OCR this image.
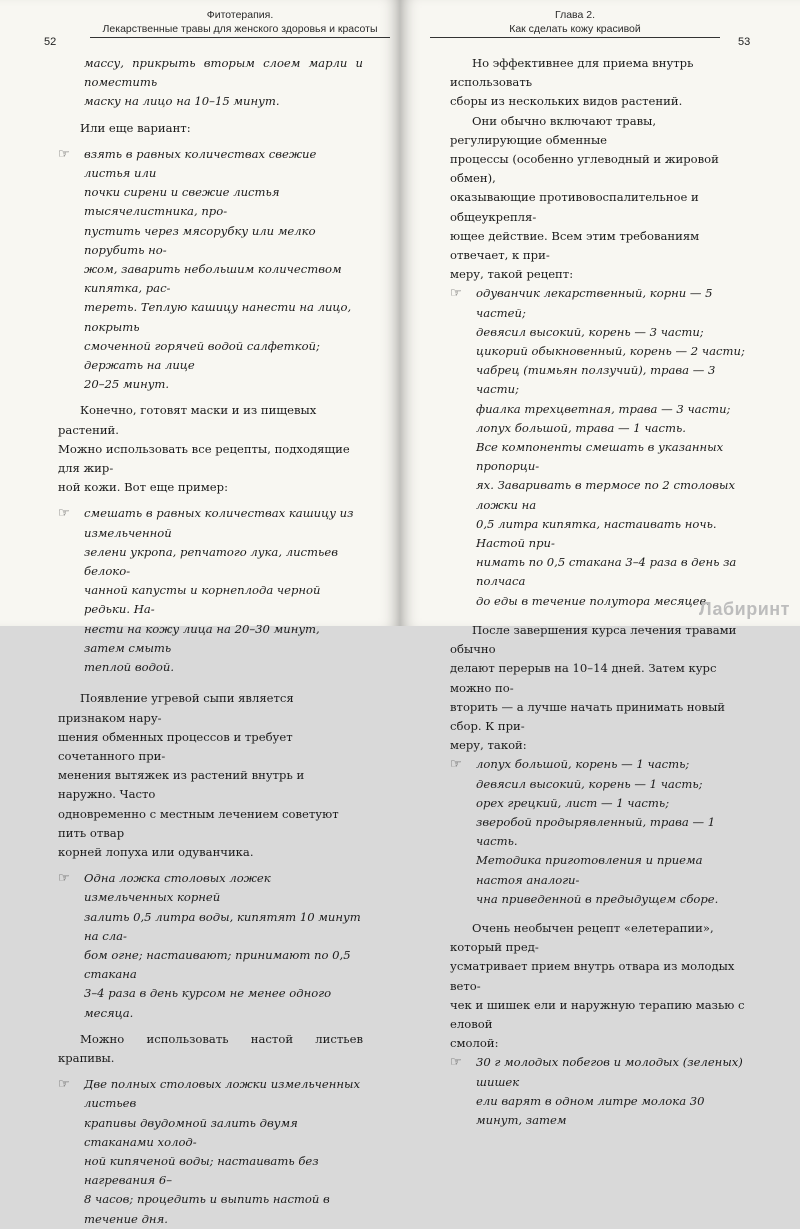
Фитотерапия.
Лекарственные травы для женского здоровья и красоты
52

массу, прикрыть вторым слоем марли и поместить
маску на лицо на 10–15 минут.

Или еще вариант:

☞ взять в равных количествах свежие листья или
почки сирени и свежие листья тысячелистника, про-
пустить через мясорубку или мелко порубить но-
жом, заварить небольшим количеством кипятка, рас-
тереть. Теплую кашицу нанести на лицо, покрыть
смоченной горячей водой салфеткой; держать на лице
20–25 минут.
Конечно, готовят маски и из пищевых растений.
Можно использовать все рецепты, подходящие для жир-
ной кожи. Вот еще пример:
☞ смешать в равных количествах кашицу из измельченной
зелени укропа, репчатого лука, листьев белоко-
чанной капусты и корнеплода черной редьки. На-
нести на кожу лица на 20–30 минут, затем смыть
теплой водой.
Появление угревой сыпи является признаком нару-
шения обменных процессов и требует сочетанного при-
менения вытяжек из растений внутрь и наружно. Часто
одновременно с местным лечением советуют пить отвар
корней лопуха или одуванчика.
☞ Одна ложка столовых ложек измельченных корней
залить 0,5 литра воды, кипятят 10 минут на сла-
бом огне; настаивают; принимают по 0,5 стакана
3–4 раза в день курсом не менее одного месяца.

Можно использовать настой листьев крапивы.

☞ Две полных столовых ложки измельченных листьев
крапивы двудомной залить двумя стаканами холод-
ной кипяченой воды; настаивать без нагревания 6–
8 часов; процедить и выпить настой в течение дня.
Глава 2.
Как сделать кожу красивой
53
Но эффективнее для приема внутрь использовать
сборы из нескольких видов растений.
Они обычно включают травы, регулирующие обменные
процессы (особенно углеводный и жировой обмен),
оказывающие противовоспалительное и общеукрепля-
ющее действие. Всем этим требованиям отвечает, к при-
меру, такой рецепт:
☞ одуванчик лекарственный, корни — 5 частей;
девясил высокий, корень — 3 части;
цикорий обыкновенный, корень — 2 части;
чабрец (тимьян ползучий), трава — 3 части;
фиалка трехцветная, трава — 3 части;
лопух большой, трава — 1 часть.
Все компоненты смешать в указанных пропорци-
ях. Заваривать в термосе по 2 столовых ложки на
0,5 литра кипятка, настаивать ночь. Настой при-
нимать по 0,5 стакана 3–4 раза в день за полчаса
до еды в течение полутора месяцев.
После завершения курса лечения травами обычно
делают перерыв на 10–14 дней. Затем курс можно по-
вторить — а лучше начать принимать новый сбор. К при-
меру, такой:
☞ лопух большой, корень — 1 часть;
девясил высокий, корень — 1 часть;
орех грецкий, лист — 1 часть;
зверобой продырявленный, трава — 1 часть.
Методика приготовления и приема настоя аналоги-
чна приведенной в предыдущем сборе.
Очень необычен рецепт «елетерапии», который пред-
усматривает прием внутрь отвара из молодых вето-
чек и шишек ели и наружную терапию мазью с еловой
смолой:
☞ 30 г молодых побегов и молодых (зеленых) шишек
ели варят в одном литре молока 30 минут, затем
Лабиринт
